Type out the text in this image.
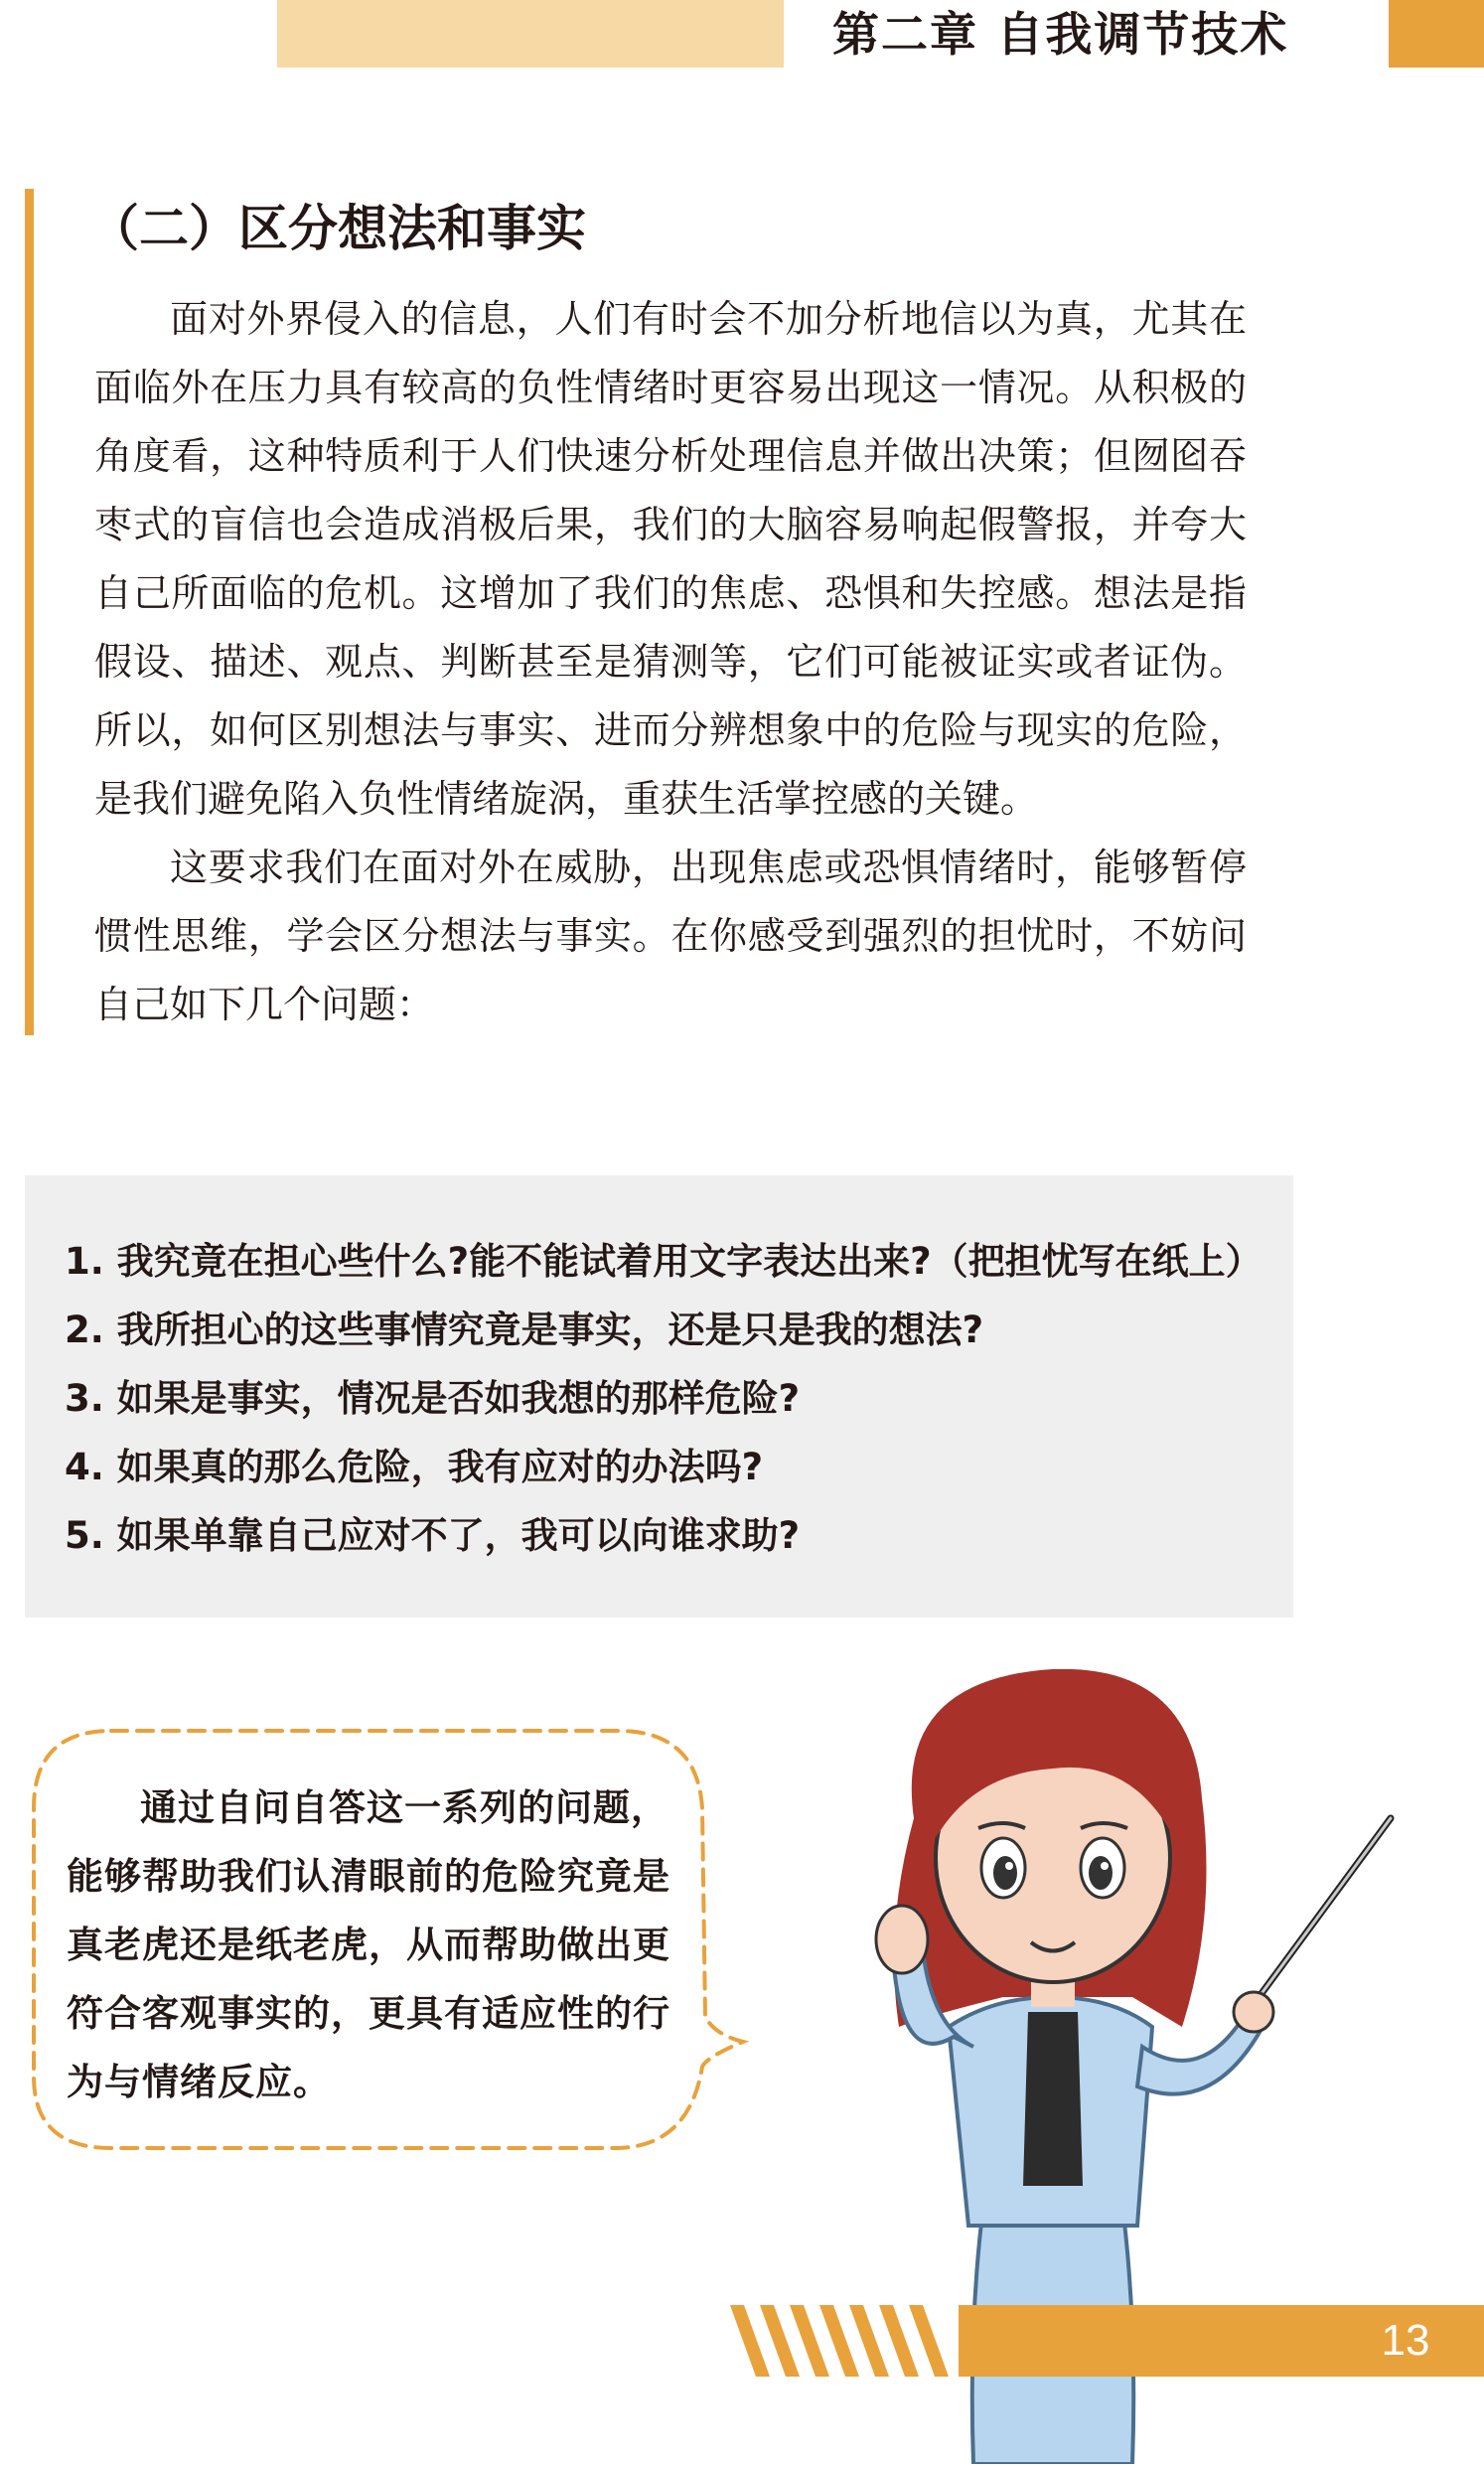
第二章 自我调节技术
（二）区分想法和事实

面对外界侵入的信息，人们有时会不加分析地信以为真，尤其在面临外在压力具有较高的负性情绪时更容易出现这一情况。从积极的角度看，这种特质利于人们快速分析处理信息并做出决策；但囫囵吞枣式的盲信也会造成消极后果，我们的大脑容易响起假警报，并夸大自己所面临的危机。这增加了我们的焦虑、恐惧和失控感。想法是指假设、描述、观点、判断甚至是猜测等，它们可能被证实或者证伪。所以，如何区别想法与事实、进而分辨想象中的危险与现实的危险，是我们避免陷入负性情绪旋涡，重获生活掌控感的关键。

这要求我们在面对外在威胁，出现焦虑或恐惧情绪时，能够暂停惯性思维，学会区分想法与事实。在你感受到强烈的担忧时，不妨问自己如下几个问题：

1. 我究竟在担心些什么?能不能试着用文字表达出来?（把担忧写在纸上）
2. 我所担心的这些事情究竟是事实，还是只是我的想法?
3. 如果是事实，情况是否如我想的那样危险?
4. 如果真的那么危险，我有应对的办法吗?
5. 如果单靠自己应对不了，我可以向谁求助?

通过自问自答这一系列的问题，能够帮助我们认清眼前的危险究竟是真老虎还是纸老虎，从而帮助做出更符合客观事实的，更具有适应性的行为与情绪反应。

13
